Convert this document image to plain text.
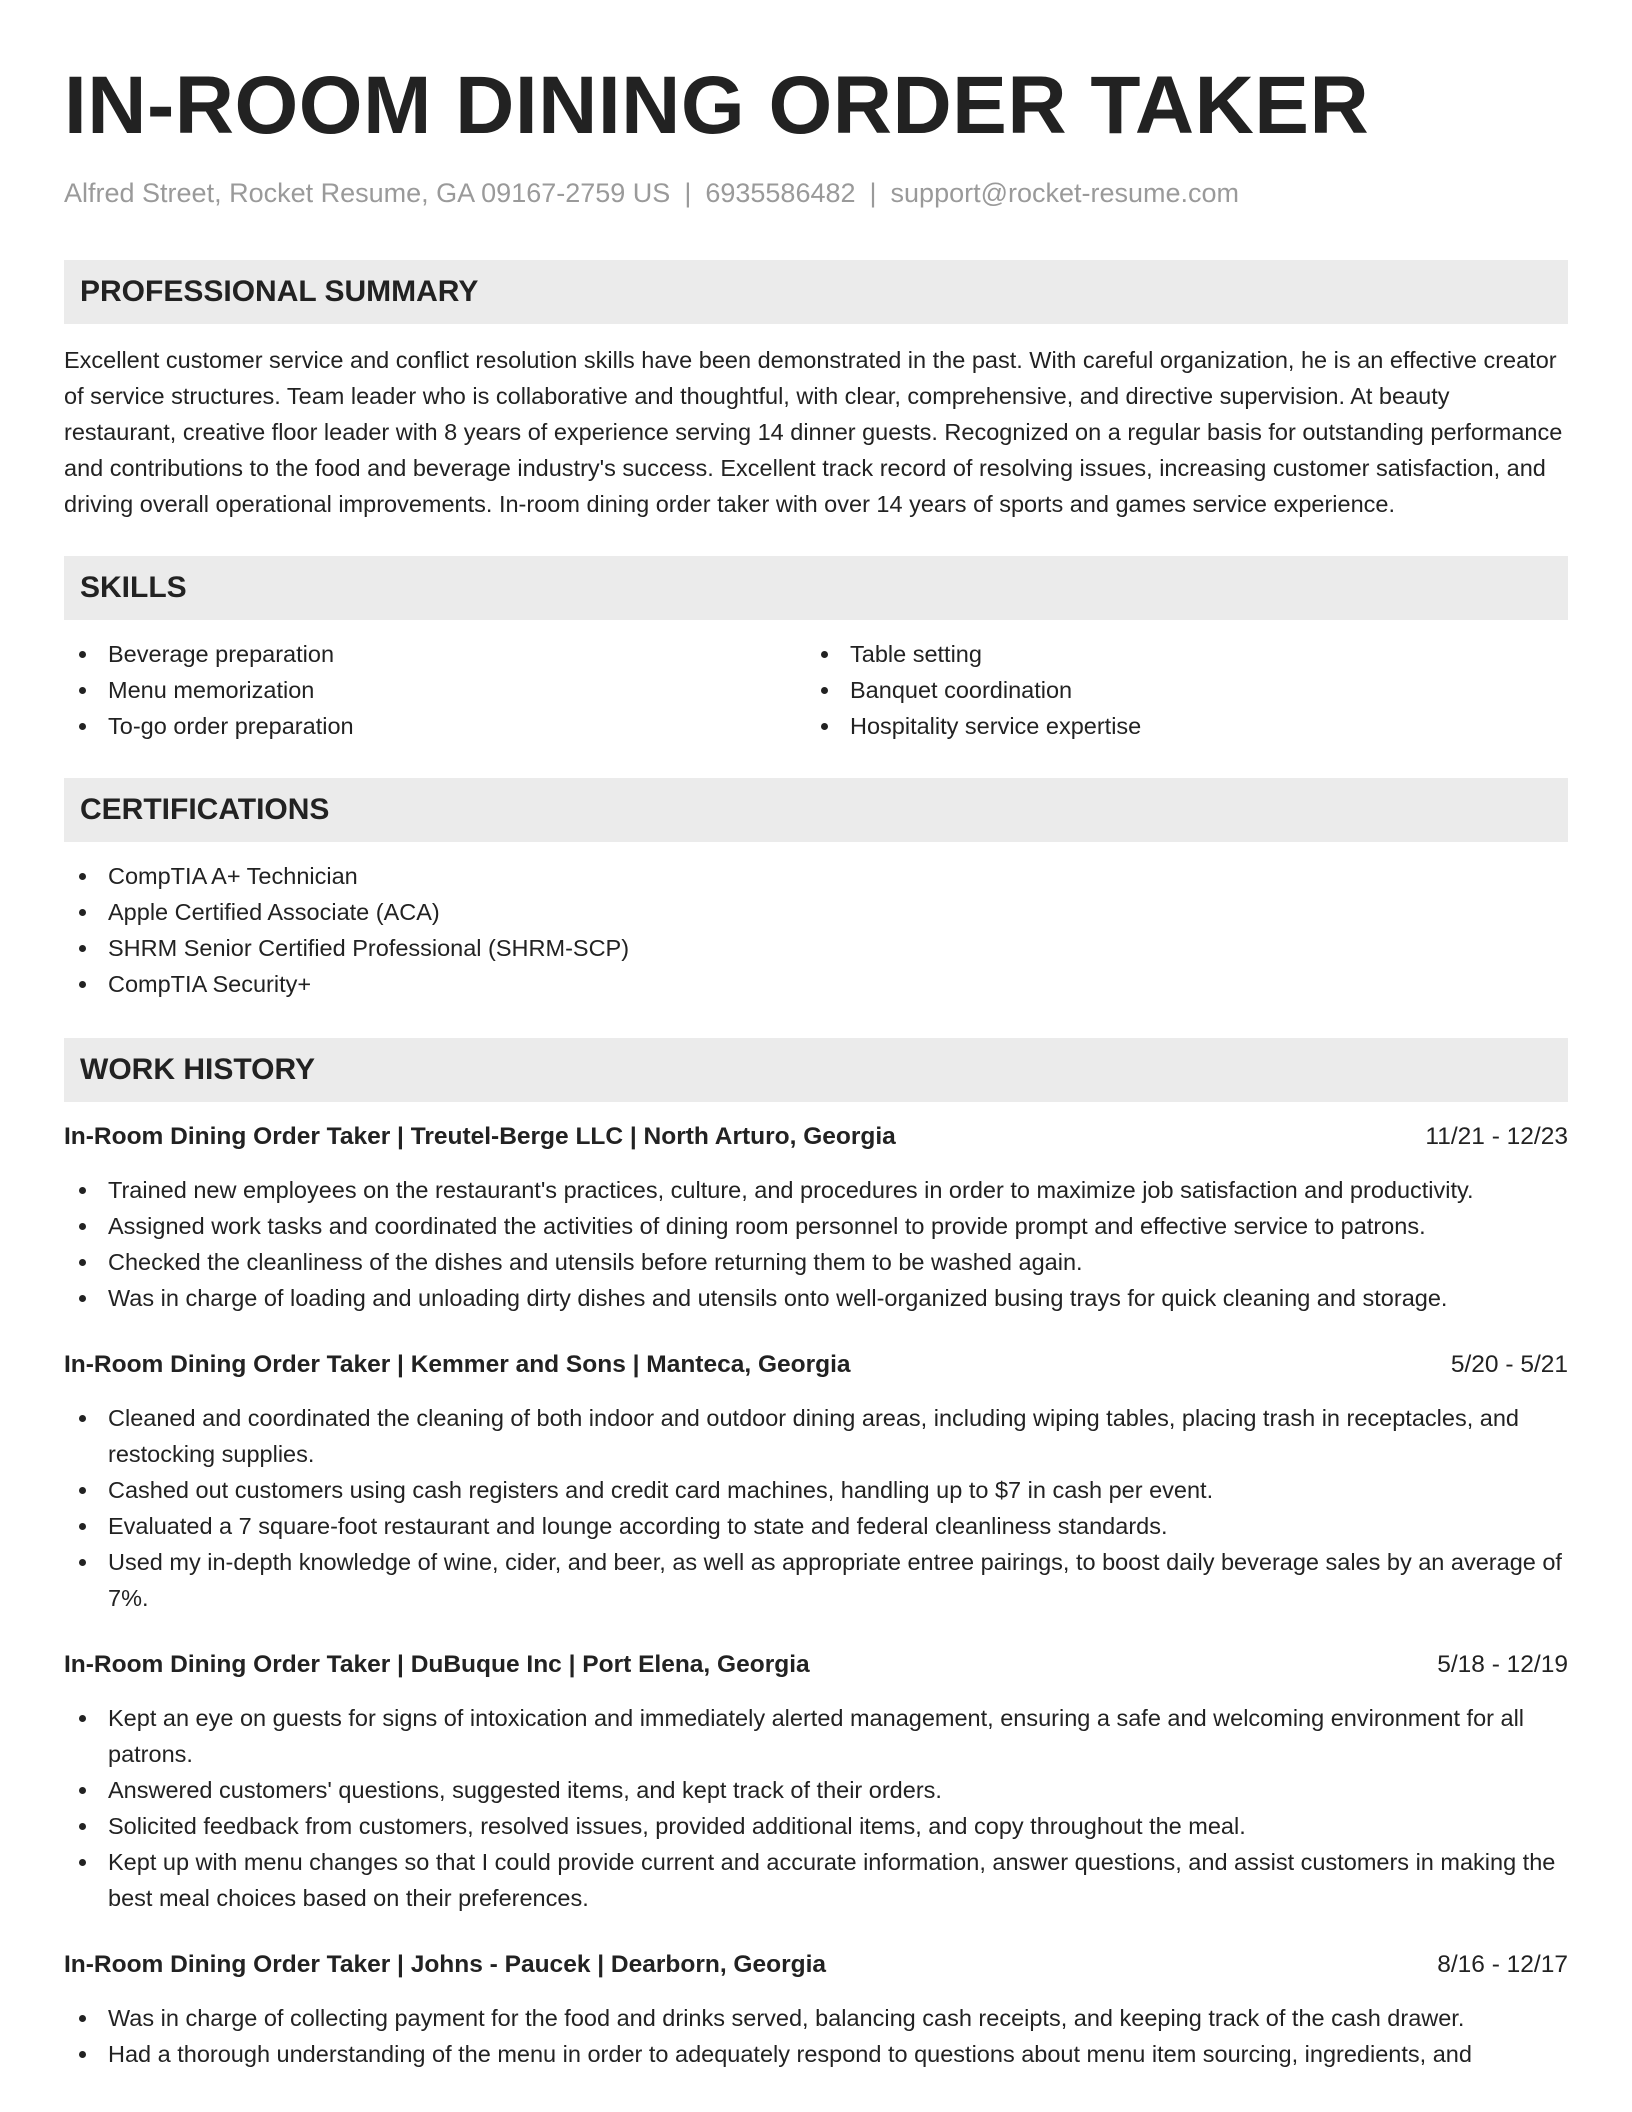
IN-ROOM DINING ORDER TAKER
Alfred Street, Rocket Resume, GA 09167-2759 US | 6935586482 | support@rocket-resume.com
PROFESSIONAL SUMMARY

Excellent customer service and conflict resolution skills have been demonstrated in the past. With careful organization, he is an effective creator of service structures. Team leader who is collaborative and thoughtful, with clear, comprehensive, and directive supervision. At beauty restaurant, creative floor leader with 8 years of experience serving 14 dinner guests. Recognized on a regular basis for outstanding performance and contributions to the food and beverage industry's success. Excellent track record of resolving issues, increasing customer satisfaction, and driving overall operational improvements. In-room dining order taker with over 14 years of sports and games service experience.

SKILLS
Beverage preparation
Menu memorization
To-go order preparation
Table setting
Banquet coordination
Hospitality service expertise
CERTIFICATIONS
CompTIA A+ Technician
Apple Certified Associate (ACA)
SHRM Senior Certified Professional (SHRM-SCP)
CompTIA Security+
WORK HISTORY
In-Room Dining Order Taker | Treutel-Berge LLC | North Arturo, Georgia	11/21 - 12/23
Trained new employees on the restaurant's practices, culture, and procedures in order to maximize job satisfaction and productivity.
Assigned work tasks and coordinated the activities of dining room personnel to provide prompt and effective service to patrons.
Checked the cleanliness of the dishes and utensils before returning them to be washed again.
Was in charge of loading and unloading dirty dishes and utensils onto well-organized busing trays for quick cleaning and storage.
In-Room Dining Order Taker | Kemmer and Sons | Manteca, Georgia	5/20 - 5/21
Cleaned and coordinated the cleaning of both indoor and outdoor dining areas, including wiping tables, placing trash in receptacles, and restocking supplies.
Cashed out customers using cash registers and credit card machines, handling up to $7 in cash per event.
Evaluated a 7 square-foot restaurant and lounge according to state and federal cleanliness standards.
Used my in-depth knowledge of wine, cider, and beer, as well as appropriate entree pairings, to boost daily beverage sales by an average of 7%.
In-Room Dining Order Taker | DuBuque Inc | Port Elena, Georgia	5/18 - 12/19
Kept an eye on guests for signs of intoxication and immediately alerted management, ensuring a safe and welcoming environment for all patrons.
Answered customers' questions, suggested items, and kept track of their orders.
Solicited feedback from customers, resolved issues, provided additional items, and copy throughout the meal.
Kept up with menu changes so that I could provide current and accurate information, answer questions, and assist customers in making the best meal choices based on their preferences.
In-Room Dining Order Taker | Johns - Paucek | Dearborn, Georgia	8/16 - 12/17
Was in charge of collecting payment for the food and drinks served, balancing cash receipts, and keeping track of the cash drawer.
Had a thorough understanding of the menu in order to adequately respond to questions about menu item sourcing, ingredients, and
